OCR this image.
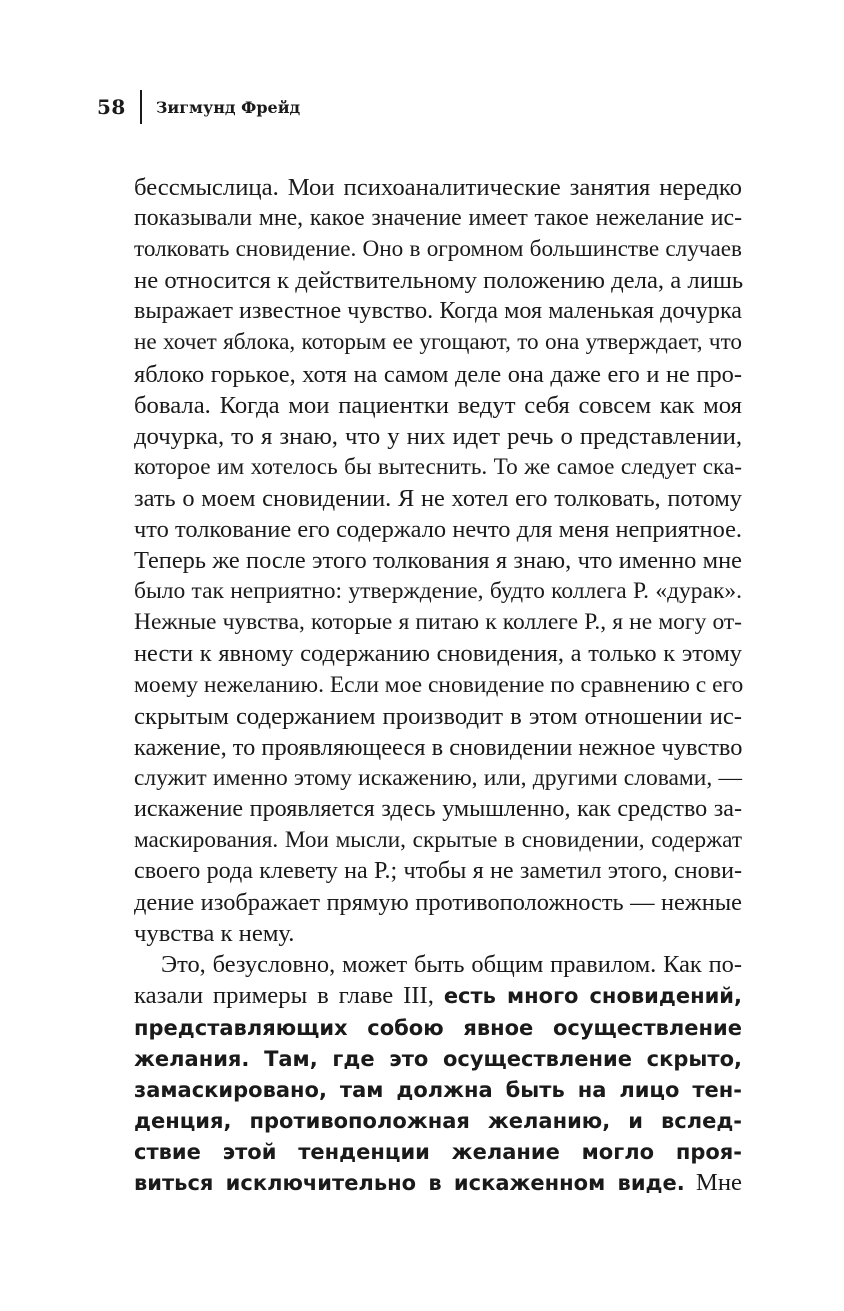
58 Зигмунд Фрейд
бессмыслица. Мои психоаналитические занятия нередко
показывали мне, какое значение имеет такое нежелание ис-
толковать сновидение. Оно в огромном большинстве случаев
не относится к действительному положению дела, а лишь
выражает известное чувство. Когда моя маленькая дочурка
не хочет яблока, которым ее угощают, то она утверждает, что
яблоко горькое, хотя на самом деле она даже его и не про-
бовала. Когда мои пациентки ведут себя совсем как моя
дочурка, то я знаю, что у них идет речь о представлении,
которое им хотелось бы вытеснить. То же самое следует ска-
зать о моем сновидении. Я не хотел его толковать, потому
что толкование его содержало нечто для меня неприятное.
Теперь же после этого толкования я знаю, что именно мне
было так неприятно: утверждение, будто коллега Р. «дурак».
Нежные чувства, которые я питаю к коллеге Р., я не могу от-
нести к явному содержанию сновидения, а только к этому
моему нежеланию. Если мое сновидение по сравнению с его
скрытым содержанием производит в этом отношении ис-
кажение, то проявляющееся в сновидении нежное чувство
служит именно этому искажению, или, другими словами, —
искажение проявляется здесь умышленно, как средство за-
маскирования. Мои мысли, скрытые в сновидении, содержат
своего рода клевету на Р.; чтобы я не заметил этого, снови-
дение изображает прямую противоположность — нежные
чувства к нему.
Это, безусловно, может быть общим правилом. Как по-
казали примеры в главе III, есть много сновидений,
представляющих собою явное осуществление
желания. Там, где это осуществление скрыто,
замаскировано, там должна быть на лицо тен-
денция, противоположная желанию, и вслед-
ствие этой тенденции желание могло проя-
виться исключительно в искаженном виде. Мне
